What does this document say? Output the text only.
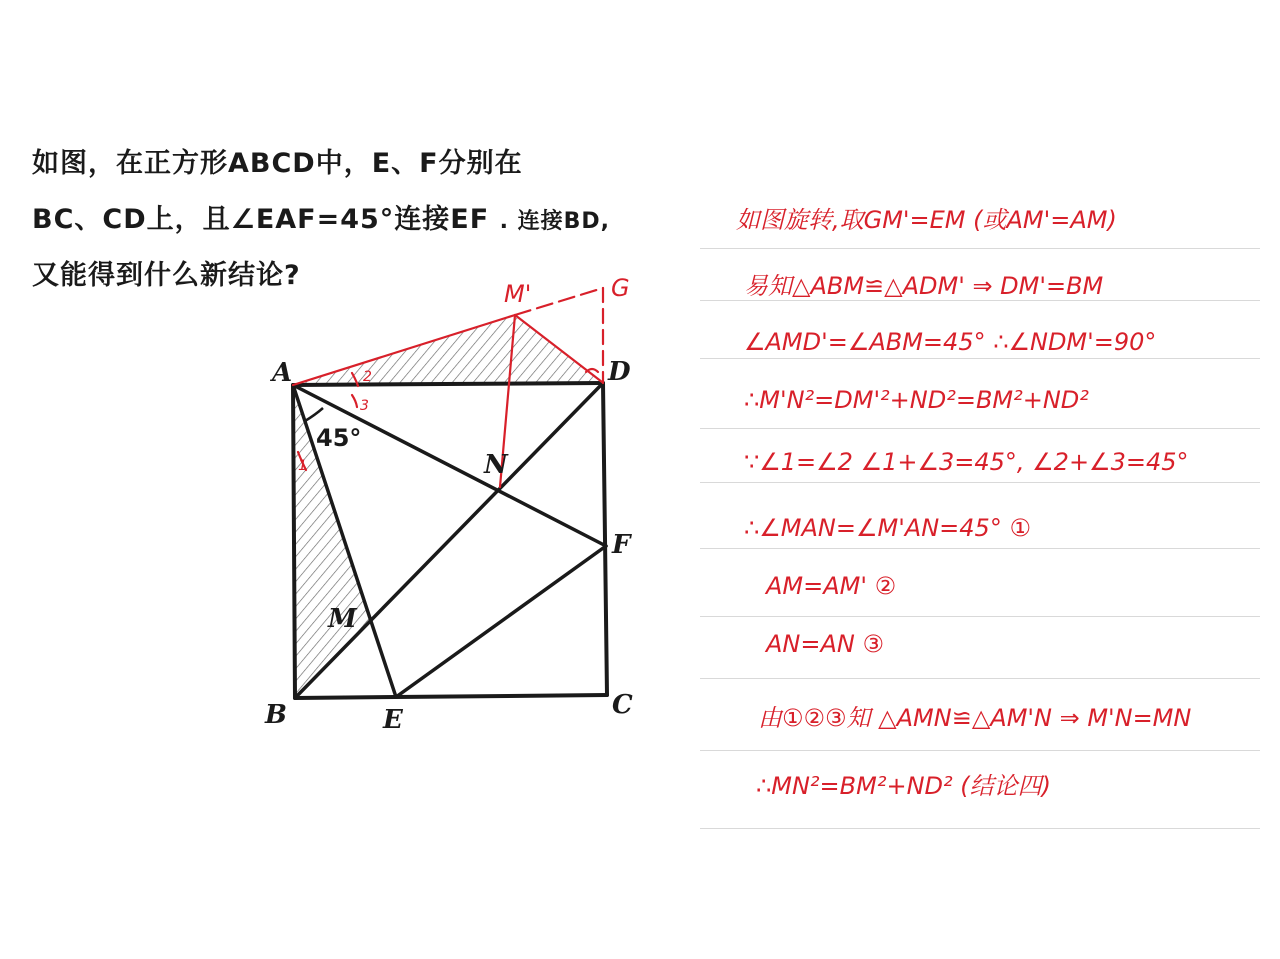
如图，在正方形ABCD中，E、F分别在
BC、CD上，且∠EAF=45°连接EF . 连接BD,
又能得到什么新结论?
A	D
B	C
E
F
M
N
45°
M'	G
1
2
3
如图旋转,取GM'=EM (或AM'=AM)
易知△ABM≌△ADM' ⇒ DM'=BM
∠AMD'=∠ABM=45° ∴∠NDM'=90°
∴M'N²=DM'²+ND²=BM²+ND²
∵∠1=∠2 ∠1+∠3=45°, ∠2+∠3=45°
∴∠MAN=∠M'AN=45° ①
AM=AM' ②
AN=AN ③
由①②③知 △AMN≌△AM'N ⇒ M'N=MN
∴MN²=BM²+ND² (结论四)
